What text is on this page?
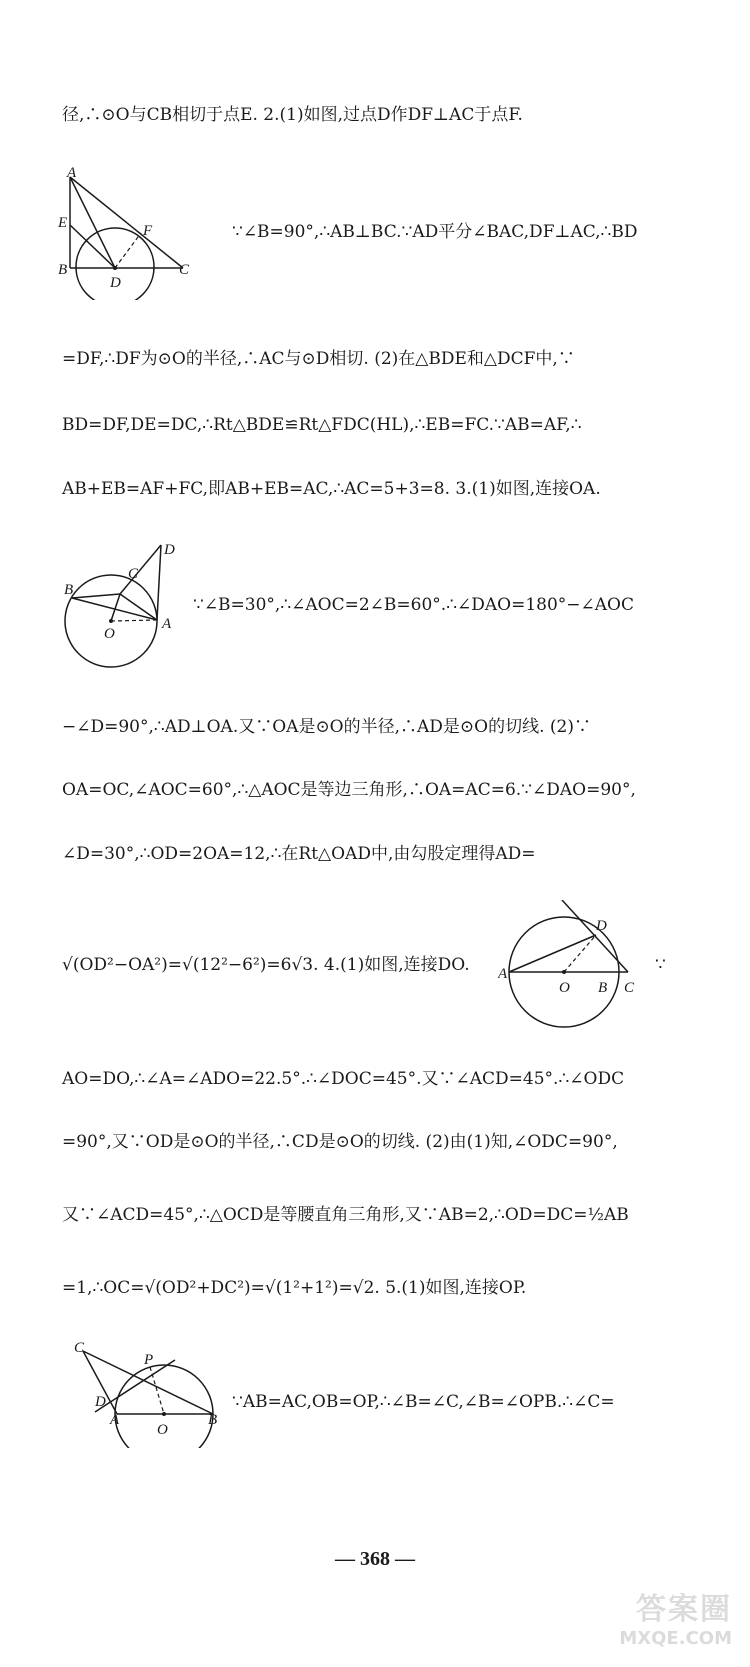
径,∴⊙O与CB相切于点E. 2.(1)如图,过点D作DF⊥AC于点F.
A
E	F
B
D
C
∵∠B=90°,∴AB⊥BC.∵AD平分∠BAC,DF⊥AC,∴BD
=DF,∴DF为⊙O的半径,∴AC与⊙D相切. (2)在△BDE和△DCF中,∵
BD=DF,DE=DC,∴Rt△BDE≌Rt△FDC(HL),∴EB=FC.∵AB=AF,∴
AB+EB=AF+FC,即AB+EB=AC,∴AC=5+3=8. 3.(1)如图,连接OA.
D
C
B
A
O
∵∠B=30°,∴∠AOC=2∠B=60°.∴∠DAO=180°−∠AOC
−∠D=90°,∴AD⊥OA.又∵OA是⊙O的半径,∴AD是⊙O的切线. (2)∵
OA=OC,∠AOC=60°,∴△AOC是等边三角形,∴OA=AC=6.∵∠DAO=90°,
∠D=30°,∴OD=2OA=12,∴在Rt△OAD中,由勾股定理得AD=
√(OD²−OA²)=√(12²−6²)=6√3. 4.(1)如图,连接DO.
D
A
O B C
∵
AO=DO,∴∠A=∠ADO=22.5°.∴∠DOC=45°.又∵∠ACD=45°.∴∠ODC
=90°,又∵OD是⊙O的半径,∴CD是⊙O的切线. (2)由(1)知,∠ODC=90°,
又∵∠ACD=45°,∴△OCD是等腰直角三角形,又∵AB=2,∴OD=DC=½AB
=1,∴OC=√(OD²+DC²)=√(1²+1²)=√2. 5.(1)如图,连接OP.
C
P
D
A
O
B
∵AB=AC,OB=OP,∴∠B=∠C,∠B=∠OPB.∴∠C=
— 368 —
答案圈
MXQE.COM
